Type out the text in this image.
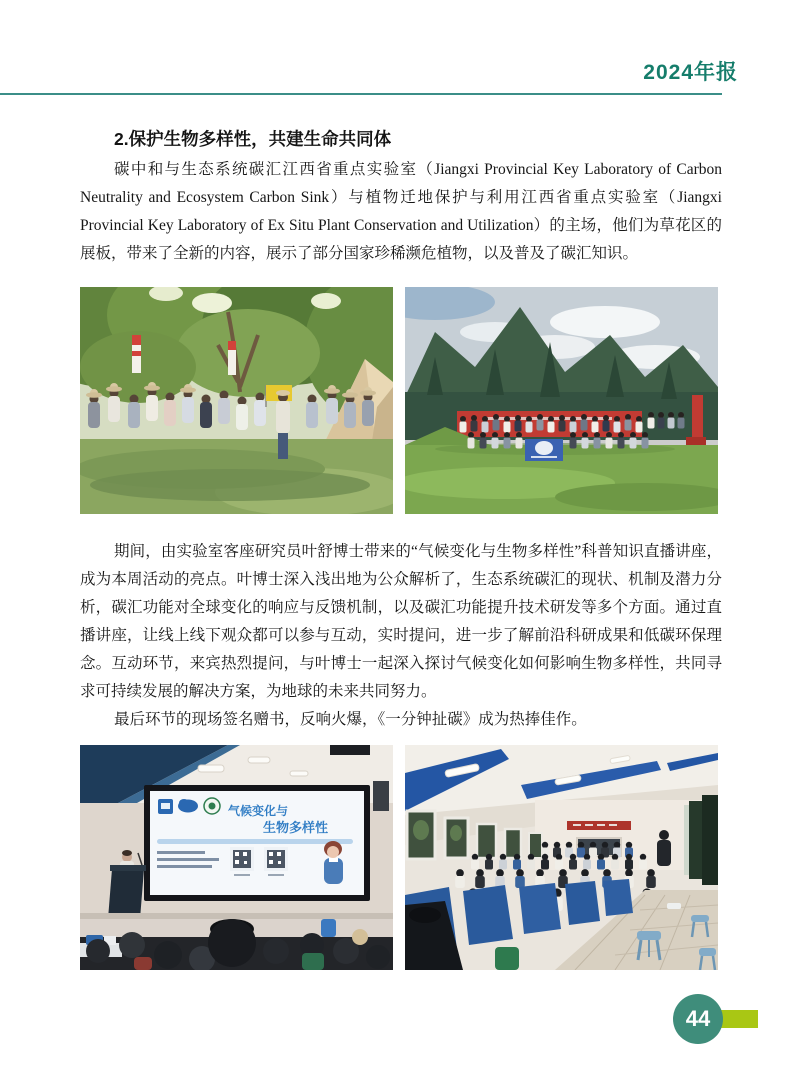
2024年报
2.保护生物多样性，共建生命共同体

碳中和与生态系统碳汇江西省重点实验室（Jiangxi Provincial Key Laboratory of Carbon Neutrality and Ecosystem Carbon Sink）与植物迁地保护与利用江西省重点实验室（Jiangxi Provincial Key Laboratory of Ex Situ Plant Conservation and Utilization）的主场，他们为草花区的展板，带来了全新的内容，展示了部分国家珍稀濒危植物，以及普及了碳汇知识。

期间，由实验室客座研究员叶舒博士带来的“气候变化与生物多样性”科普知识直播讲座，成为本周活动的亮点。叶博士深入浅出地为公众解析了，生态系统碳汇的现状、机制及潜力分析，碳汇功能对全球变化的响应与反馈机制，以及碳汇功能提升技术研发等多个方面。通过直播讲座，让线上线下观众都可以参与互动，实时提问，进一步了解前沿科研成果和低碳环保理念。互动环节，来宾热烈提问，与叶博士一起深入探讨气候变化如何影响生物多样性，共同寻求可持续发展的解决方案，为地球的未来共同努力。

最后环节的现场签名赠书，反响火爆，《一分钟扯碳》成为热捧佳作。

气候变化与
生物多样性
44
